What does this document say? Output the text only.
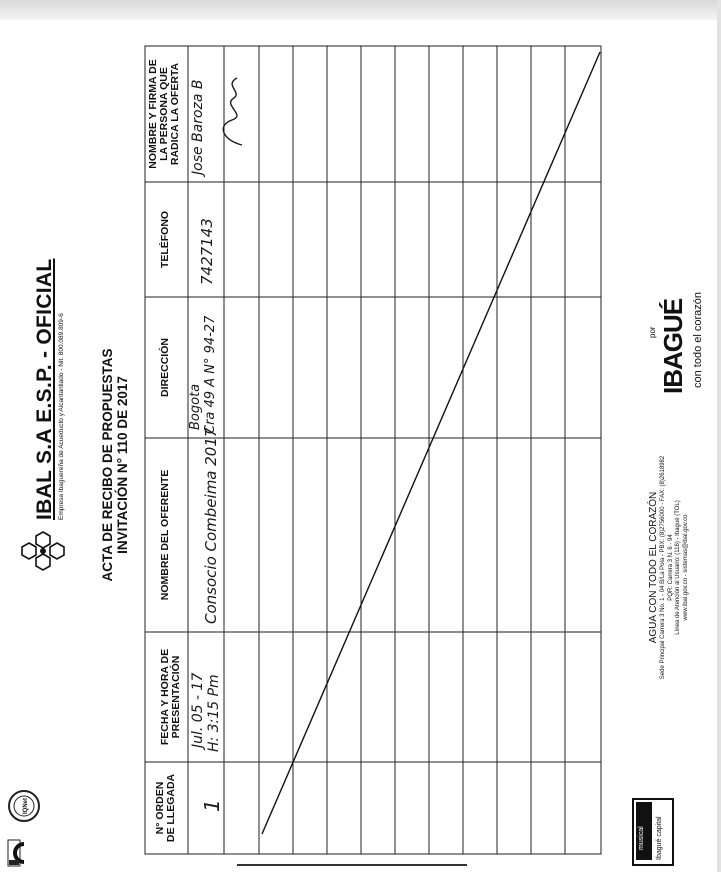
IQNet
IBAL S.A E.S.P. - OFICIAL Empresa Ibaguereña de Acueducto y Alcantarillado - Nit. 800.089.809-6	ACTA DE RECIBO DE PROPUESTAS INVITACIÓN N° 110 DE 2017
N° ORDEN DE LLEGADA
FECHA Y HORA DE PRESENTACIÓN
NOMBRE DEL OFERENTE
DIRECCIÓN
TELÉFONO
NOMBRE Y FIRMA DE LA PERSONA QUE RADICA LA OFERTA
1
Jul. 05 - 17 H: 3:15 Pm
Consocio Combeima 2017
Bogota Cra 49 A N° 94-27
7427143
Jose Baroza B
AGUA CON TODO EL CORAZÓN Sede Principal Carrera 3 No. 1 - 04 B/La Pola - PBX: (8)2756000 - FAX: (8)2618982 PQR: Carrera 3 N. 6 - 94 Línea de Atención al Usuario: (116) - Ibagué (TOL) www.ibal.gov.co - sistemas@ibal.gov.co
por IBAGUÉ con todo el corazón
musical Ibagué capital
